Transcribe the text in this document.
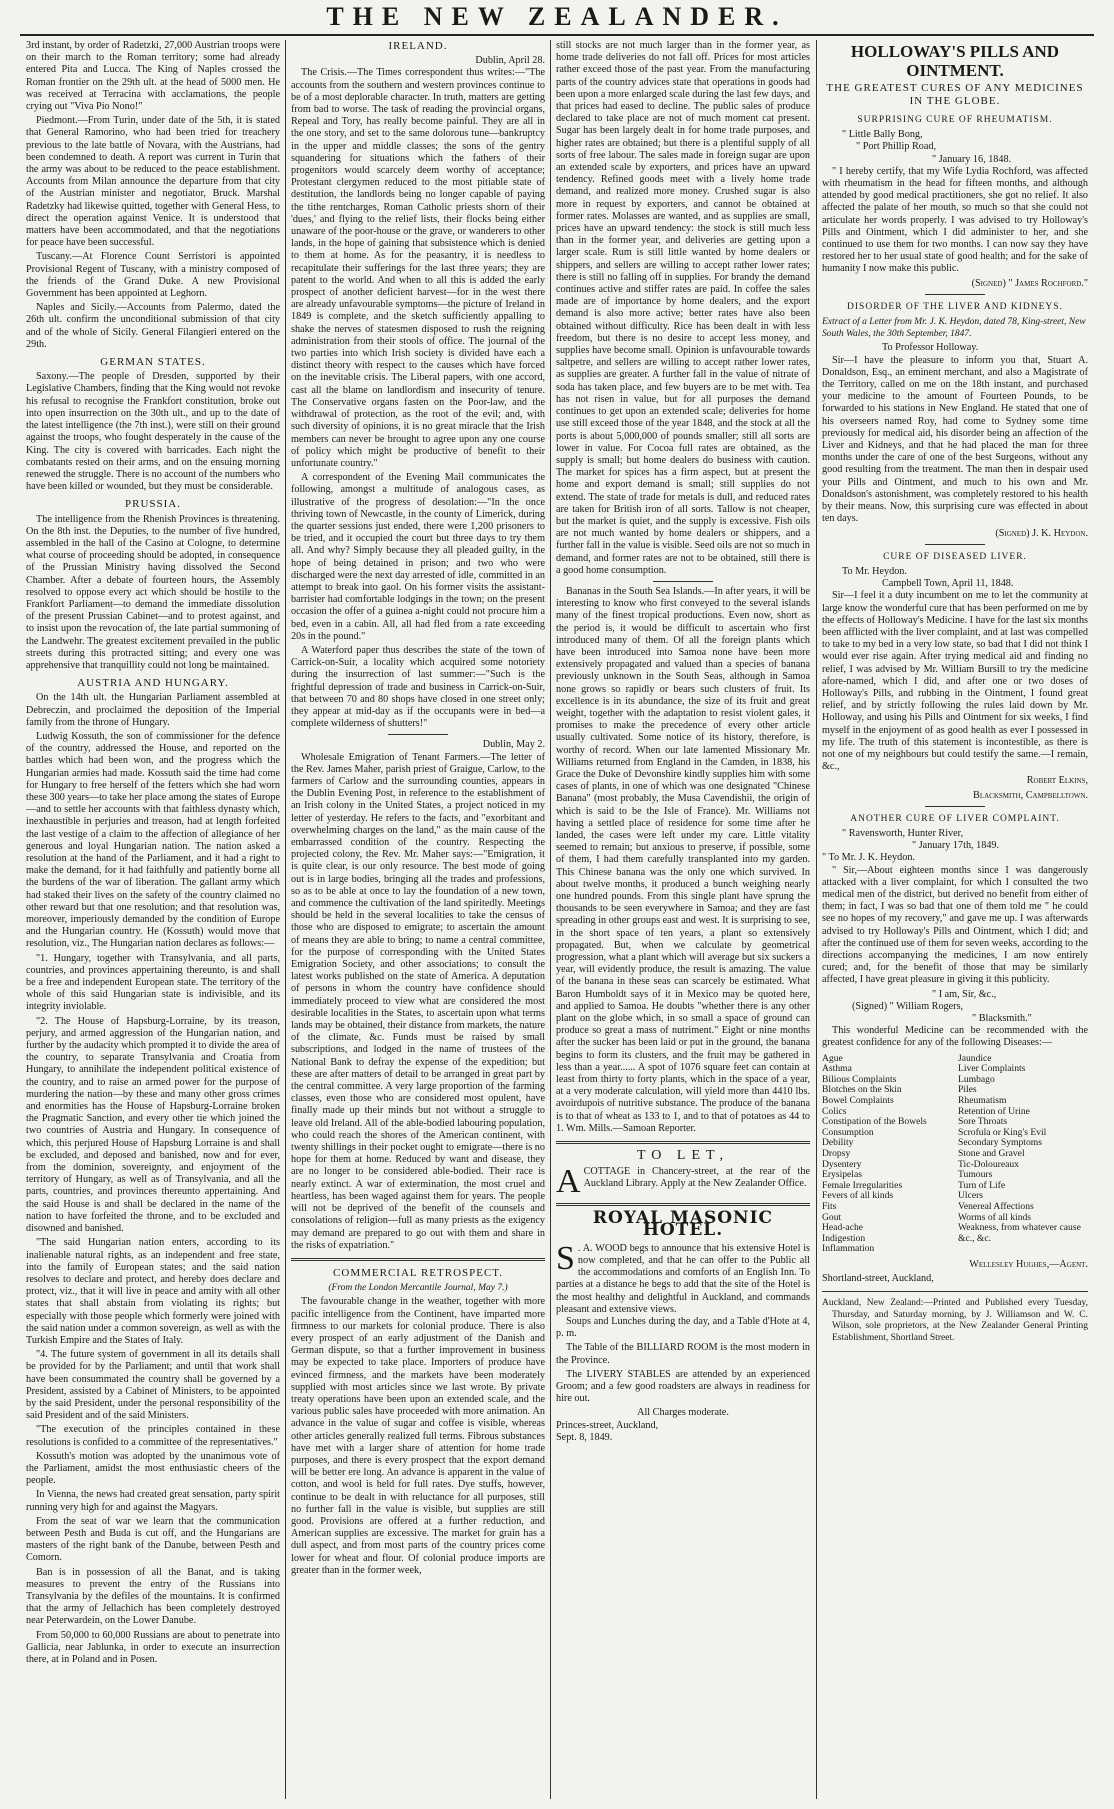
THE NEW ZEALANDER.

3rd instant, by order of Radetzki, 27,000 Austrian troops were on their march to the Roman territory; some had already entered Pita and Lucca. The King of Naples crossed the Roman frontier on the 29th ult. at the head of 5000 men. He was received at Terracina with acclamations, the people crying out "Viva Pio Nono!"

Piedmont.—From Turin, under date of the 5th, it is stated that General Ramorino, who had been tried for treachery previous to the late battle of Novara, with the Austrians, had been condemned to death. A report was current in Turin that the army was about to be reduced to the peace establishment. Accounts from Milan announce the departure from that city of the Austrian minister and negotiator, Bruck. Marshal Radetzky had likewise quitted, together with General Hess, to direct the operation against Venice. It is understood that matters have been accommodated, and that the negotiations for peace have been successful.

Tuscany.—At Florence Count Serristori is appointed Provisional Regent of Tuscany, with a ministry composed of the friends of the Grand Duke. A new Provisional Government has been appointed at Leghorn.

Naples and Sicily.—Accounts from Palermo, dated the 26th ult. confirm the unconditional submission of that city and of the whole of Sicily. General Filangieri entered on the 29th.

GERMAN STATES.

Saxony.—The people of Dresden, supported by their Legislative Chambers, finding that the King would not revoke his refusal to recognise the Frankfort constitution, broke out into open insurrection on the 30th ult., and up to the date of the latest intelligence (the 7th inst.), were still on their ground against the troops, who fought desperately in the cause of the King. The city is covered with barricades. Each night the combatants rested on their arms, and on the ensuing morning renewed the struggle. There is no account of the numbers who have been killed or wounded, but they must be considerable.

PRUSSIA.

The intelligence from the Rhenish Provinces is threatening. On the 8th inst. the Deputies, to the number of five hundred, assembled in the hall of the Casino at Cologne, to determine what course of proceeding should be adopted, in consequence of the Prussian Ministry having dissolved the Second Chamber. After a debate of fourteen hours, the Assembly resolved to oppose every act which should be hostile to the Frankfort Parliament—to demand the immediate dissolution of the present Prussian Cabinet—and to protest against, and to insist upon the revocation of, the late partial summoning of the Landwehr. The greatest excitement prevailed in the public streets during this protracted sitting; and every one was apprehensive that tranquillity could not long be maintained.

AUSTRIA AND HUNGARY.

On the 14th ult. the Hungarian Parliament assembled at Debreczin, and proclaimed the deposition of the Imperial family from the throne of Hungary.

Ludwig Kossuth, the son of commissioner for the defence of the country, addressed the House, and reported on the battles which had been won, and the progress which the Hungarian armies had made. Kossuth said the time had come for Hungary to free herself of the fetters which she had worn these 300 years—to take her place among the states of Europe—and to settle her accounts with that faithless dynasty which, inexhaustible in perjuries and treason, had at length forfeited the last vestige of a claim to the affection of allegiance of her generous and loyal Hungarian nation. The nation asked a resolution at the hand of the Parliament, and it had a right to make the demand, for it had faithfully and patiently borne all the burdens of the war of liberation. The gallant army which had staked their lives on the safety of the country claimed no other reward but that one resolution; and that resolution was, moreover, imperiously demanded by the condition of Europe and the Hungarian country. He (Kossuth) would move that resolution, viz., The Hungarian nation declares as follows:—

"1. Hungary, together with Transylvania, and all parts, countries, and provinces appertaining thereunto, is and shall be a free and independent European state. The territory of the whole of this said Hungarian state is indivisible, and its integrity inviolable.

"2. The House of Hapsburg-Lorraine, by its treason, perjury, and armed aggression of the Hungarian nation, and further by the audacity which prompted it to divide the area of the country, to separate Transylvania and Croatia from Hungary, to annihilate the independent political existence of the country, and to raise an armed power for the purpose of murdering the nation—by these and many other gross crimes and enormities has the House of Hapsburg-Lorraine broken the Pragmatic Sanction, and every other tie which joined the two countries of Austria and Hungary. In consequence of which, this perjured House of Hapsburg Lorraine is and shall be excluded, and deposed and banished, now and for ever, from the dominion, sovereignty, and enjoyment of the territory of Hungary, as well as of Transylvania, and all the parts, countries, and provinces thereunto appertaining. And the said House is and shall be declared in the name of the nation to have forfeited the throne, and to be excluded and disowned and banished.

"The said Hungarian nation enters, according to its inalienable natural rights, as an independent and free state, into the family of European states; and the said nation resolves to declare and protect, and hereby does declare and protect, viz., that it will live in peace and amity with all other states that shall abstain from violating its rights; but especially with those people which formerly were joined with the said nation under a common sovereign, as well as with the Turkish Empire and the States of Italy.

"4. The future system of government in all its details shall be provided for by the Parliament; and until that work shall have been consummated the country shall be governed by a President, assisted by a Cabinet of Ministers, to be appointed by the said President, under the personal responsibility of the said President and of the said Ministers.

"The execution of the principles contained in these resolutions is confided to a committee of the representatives."

Kossuth's motion was adopted by the unanimous vote of the Parliament, amidst the most enthusiastic cheers of the people.

In Vienna, the news had created great sensation, party spirit running very high for and against the Magyars.

From the seat of war we learn that the communication between Pesth and Buda is cut off, and the Hungarians are masters of the right bank of the Danube, between Pesth and Comorn.

Ban is in possession of all the Banat, and is taking measures to prevent the entry of the Russians into Transylvania by the defiles of the mountains. It is confirmed that the army of Jellachich has been completely destroyed near Peterwardein, on the Lower Danube.

From 50,000 to 60,000 Russians are about to penetrate into Gallicia, near Jablunka, in order to execute an insurrection there, at in Poland and in Posen.

IRELAND.
Dublin, April 28.

The Crisis.—The Times correspondent thus writes:—"The accounts from the southern and western provinces continue to be of a most deplorable character. In truth, matters are getting from bad to worse. The task of reading the provincial organs, Repeal and Tory, has really become painful. They are all in the one story, and set to the same dolorous tune—bankruptcy in the upper and middle classes; the sons of the gentry squandering for situations which the fathers of their progenitors would scarcely deem worthy of acceptance; Protestant clergymen reduced to the most pitiable state of destitution, the landlords being no longer capable of paying the tithe rentcharges, Roman Catholic priests shorn of their 'dues,' and flying to the relief lists, their flocks being either unaware of the poor-house or the grave, or wanderers to other lands, in the hope of gaining that subsistence which is denied to them at home. As for the peasantry, it is needless to recapitulate their sufferings for the last three years; they are patent to the world. And when to all this is added the early prospect of another deficient harvest—for in the west there are already unfavourable symptoms—the picture of Ireland in 1849 is complete, and the sketch sufficiently appalling to shake the nerves of statesmen disposed to rush the reigning administration from their stools of office. The journal of the two parties into which Irish society is divided have each a distinct theory with respect to the causes which have forced on the inevitable crisis. The Liberal papers, with one accord, cast all the blame on landlordism and insecurity of tenure. The Conservative organs fasten on the Poor-law, and the withdrawal of protection, as the root of the evil; and, with such diversity of opinions, it is no great miracle that the Irish members can never be brought to agree upon any one course of policy which might be productive of benefit to their unfortunate country."

A correspondent of the Evening Mail communicates the following, amongst a multitude of analogous cases, as illustrative of the progress of desolation:—"In the once thriving town of Newcastle, in the county of Limerick, during the quarter sessions just ended, there were 1,200 prisoners to be tried, and it occupied the court but three days to try them all. And why? Simply because they all pleaded guilty, in the hope of being detained in prison; and two who were discharged were the next day arrested of idle, committed in an attempt to break into gaol. On his former visits the assistant-barrister had comfortable lodgings in the town; on the present occasion the offer of a guinea a-night could not procure him a bed, even in a cabin. All, all had fled from a rate exceeding 20s in the pound."

A Waterford paper thus describes the state of the town of Carrick-on-Suir, a locality which acquired some notoriety during the insurrection of last summer:—"Such is the frightful depression of trade and business in Carrick-on-Suir, that between 70 and 80 shops have closed in one street only; they appear at mid-day as if the occupants were in bed—a complete wilderness of shutters!"

Dublin, May 2.

Wholesale Emigration of Tenant Farmers.—The letter of the Rev. James Maher, parish priest of Graigue, Carlow, to the farmers of Carlow and the surrounding counties, appears in the Dublin Evening Post, in reference to the establishment of an Irish colony in the United States, a project noticed in my letter of yesterday. He refers to the facts, and "exorbitant and overwhelming charges on the land," as the main cause of the embarrassed condition of the country. Respecting the projected colony, the Rev. Mr. Maher says:—"Emigration, it is quite clear, is our only resource. The best mode of going out is in large bodies, bringing all the trades and professions, so as to be able at once to lay the foundation of a new town, and commence the cultivation of the land spiritedly. Meetings should be held in the several localities to take the census of those who are disposed to emigrate; to ascertain the amount of means they are able to bring; to name a central committee, for the purpose of corresponding with the United States Emigration Society, and other associations; to consult the latest works published on the state of America. A deputation of persons in whom the country have confidence should immediately proceed to view what are considered the most desirable localities in the States, to ascertain upon what terms lands may be obtained, their distance from markets, the nature of the climate, &c. Funds must be raised by small subscriptions, and lodged in the name of trustees of the National Bank to defray the expense of the expedition; but these are after matters of detail to be arranged in great part by the central committee. A very large proportion of the farming classes, even those who are considered most opulent, have finally made up their minds but not without a struggle to leave old Ireland. All of the able-bodied labouring population, who could reach the shores of the American continent, with twenty shillings in their pocket ought to emigrate—there is no hope for them at home. Reduced by want and disease, they are no longer to be considered able-bodied. Their race is nearly extinct. A war of extermination, the most cruel and heartless, has been waged against them for years. The people will not be deprived of the benefit of the counsels and consolations of religion—full as many priests as the exigency may demand are prepared to go out with them and share in the risks of expatriation."

COMMERCIAL RETROSPECT.
(From the London Mercantile Journal, May 7.)

The favourable change in the weather, together with more pacific intelligence from the Continent, have imparted more firmness to our markets for colonial produce. There is also every prospect of an early adjustment of the Danish and German dispute, so that a further improvement in business may be expected to take place. Importers of produce have evinced firmness, and the markets have been moderately supplied with most articles since we last wrote. By private treaty operations have been upon an extended scale, and the various public sales have proceeded with more animation. An advance in the value of sugar and coffee is visible, whereas other articles generally realized full terms. Fibrous substances have met with a larger share of attention for home trade purposes, and there is every prospect that the export demand will be better ere long. An advance is apparent in the value of cotton, and wool is held for full rates. Dye stuffs, however, continue to be dealt in with reluctance for all purposes, still no further fall in the value is visible, but supplies are still good. Provisions are offered at a further reduction, and American supplies are excessive. The market for grain has a dull aspect, and from most parts of the country prices come lower for wheat and flour. Of colonial produce imports are greater than in the former week,

still stocks are not much larger than in the former year, as home trade deliveries do not fall off. Prices for most articles rather exceed those of the past year. From the manufacturing parts of the country advices state that operations in goods had been upon a more enlarged scale during the last few days, and that prices had eased to decline. The public sales of produce declared to take place are not of much moment cat present. Sugar has been largely dealt in for home trade purposes, and higher rates are obtained; but there is a plentiful supply of all sorts of free labour. The sales made in foreign sugar are upon an extended scale by exporters, and prices have an upward tendency. Refined goods meet with a lively home trade demand, and realized more money. Crushed sugar is also more in request by exporters, and cannot be obtained at former rates. Molasses are wanted, and as supplies are small, prices have an upward tendency: the stock is still much less than in the former year, and deliveries are getting upon a larger scale. Rum is still little wanted by home dealers or shippers, and sellers are willing to accept rather lower rates; there is still no falling off in supplies. For brandy the demand continues active and stiffer rates are paid. In coffee the sales made are of importance by home dealers, and the export demand is also more active; better rates have also been obtained without difficulty. Rice has been dealt in with less freedom, but there is no desire to accept less money, and supplies have become small. Opinion is unfavourable towards saltpetre, and sellers are willing to accept rather lower rates, as supplies are greater. A further fall in the value of nitrate of soda has taken place, and few buyers are to be met with. Tea has not risen in value, but for all purposes the demand continues to get upon an extended scale; deliveries for home use still exceed those of the year 1848, and the stock at all the ports is about 5,000,000 of pounds smaller; still all sorts are lower in value. For Cocoa full rates are obtained, as the supply is small; but home dealers do business with caution. The market for spices has a firm aspect, but at present the home and export demand is small; still supplies do not extend. The state of trade for metals is dull, and reduced rates are taken for British iron of all sorts. Tallow is not cheaper, but the market is quiet, and the supply is excessive. Fish oils are not much wanted by home dealers or shippers, and a further fall in the value is visible. Seed oils are not so much in demand, and former rates are not to be obtained, still there is a good home consumption.

Bananas in the South Sea Islands.—In after years, it will be interesting to know who first conveyed to the several islands many of the finest tropical productions. Even now, short as the period is, it would be difficult to ascertain who first introduced many of them. Of all the foreign plants which have been introduced into Samoa none have been more extensively propagated and valued than a species of banana previously unknown in the South Seas, although in Samoa none grows so rapidly or bears such clusters of fruit. Its excellence is in its abundance, the size of its fruit and great weight, together with the adaptation to resist violent gales, it promises to make the precedence of every other article usually cultivated. Some notice of its history, therefore, is worthy of record. When our late lamented Missionary Mr. Williams returned from England in the Camden, in 1838, his Grace the Duke of Devonshire kindly supplies him with some cases of plants, in one of which was one designated "Chinese Banana" (most probably, the Musa Cavendishii, the origin of which is said to be the Isle of France). Mr. Williams not having a settled place of residence for some time after he landed, the cases were left under my care. Little vitality seemed to remain; but anxious to preserve, if possible, some of them, I had them carefully transplanted into my garden. This Chinese banana was the only one which survived. In about twelve months, it produced a bunch weighing nearly one hundred pounds. From this single plant have sprung the thousands to be seen everywhere in Samoa; and they are fast spreading in other groups east and west. It is surprising to see, in the short space of ten years, a plant so extensively propagated. But, when we calculate by geometrical progression, what a plant which will average but six suckers a year, will evidently produce, the result is amazing. The value of the banana in these seas can scarcely be estimated. What Baron Humboldt says of it in Mexico may be quoted here, and applied to Samoa. He doubts "whether there is any other plant on the globe which, in so small a space of ground can produce so great a mass of nutriment." Eight or nine months after the sucker has been laid or put in the ground, the banana begins to form its clusters, and the fruit may be gathered in less than a year...... A spot of 1076 square feet can contain at least from thirty to forty plants, which in the space of a year, at a very moderate calculation, will yield more than 4410 lbs. avoirdupois of nutritive substance. The produce of the banana is to that of wheat as 133 to 1, and to that of potatoes as 44 to 1. Wm. Mills.—Samoan Reporter.

TO LET,
A COTTAGE in Chancery-street, at the rear of the Auckland Library. Apply at the New Zealander Office.
ROYAL MASONIC HOTEL.
S . A. WOOD begs to announce that his extensive Hotel is now completed, and that he can offer to the Public all the accommodations and comforts of an English Inn. To parties at a distance he begs to add that the site of the Hotel is the most healthy and delightful in Auckland, and commands pleasant and extensive views.

Soups and Lunches during the day, and a Table d'Hote at 4, p. m.

The Table of the BILLIARD ROOM is the most modern in the Province.

The LIVERY STABLES are attended by an experienced Groom; and a few good roadsters are always in readiness for hire out.

All Charges moderate.
Princes-street, Auckland,
Sept. 8, 1849.
HOLLOWAY'S PILLS AND OINTMENT.
THE GREATEST CURES OF ANY MEDICINES IN THE GLOBE.
SURPRISING CURE OF RHEUMATISM.
" Little Bally Bong,
" Port Phillip Road,
" January 16, 1848.

" I hereby certify, that my Wife Lydia Rochford, was affected with rheumatism in the head for fifteen months, and although attended by good medical practitioners, she got no relief. It also affected the palate of her mouth, so much so that she could not articulate her words properly. I was advised to try Holloway's Pills and Ointment, which I did administer to her, and she continued to use them for two months. I can now say they have restored her to her usual state of good health; and for the sake of humanity I now make this public.

(Signed) " James Rochford."
DISORDER OF THE LIVER AND KIDNEYS.
Extract of a Letter from Mr. J. K. Heydon, dated 78, King-street, New South Wales, the 30th September, 1847.
To Professor Holloway.

Sir—I have the pleasure to inform you that, Stuart A. Donaldson, Esq., an eminent merchant, and also a Magistrate of the Territory, called on me on the 18th instant, and purchased your medicine to the amount of Fourteen Pounds, to be forwarded to his stations in New England. He stated that one of his overseers named Roy, had come to Sydney some time previously for medical aid, his disorder being an affection of the Liver and Kidneys, and that he had placed the man for three months under the care of one of the best Surgeons, without any good resulting from the treatment. The man then in despair used your Pills and Ointment, and much to his own and Mr. Donaldson's astonishment, was completely restored to his health by their means. Now, this surprising cure was effected in about ten days.

(Signed) J. K. Heydon.
CURE OF DISEASED LIVER.
To Mr. Heydon.
Campbell Town, April 11, 1848.

Sir—I feel it a duty incumbent on me to let the community at large know the wonderful cure that has been performed on me by the effects of Holloway's Medicine. I have for the last six months been afflicted with the liver complaint, and at last was compelled to take to my bed in a very low state, so bad that I did not think I would ever rise again. After trying medical aid and finding no relief, I was advised by Mr. William Bursill to try the medicine afore-named, which I did, and after one or two doses of Holloway's Pills, and rubbing in the Ointment, I found great relief, and by strictly following the rules laid down by Mr. Holloway, and using his Pills and Ointment for six weeks, I find myself in the enjoyment of as good health as ever I possessed in my life. The truth of this statement is incontestible, as there is not one of my neighbours but could testify the same.—I remain, &c.,

Robert Elkins,
Blacksmith, Campbelltown.
ANOTHER CURE OF LIVER COMPLAINT.
" Ravensworth, Hunter River,
" January 17th, 1849.
" To Mr. J. K. Heydon.

" Sir,—About eighteen months since I was dangerously attacked with a liver complaint, for which I consulted the two medical men of the district, but derived no benefit from either of them; in fact, I was so bad that one of them told me " he could see no hopes of my recovery," and gave me up. I was afterwards advised to try Holloway's Pills and Ointment, which I did; and after the continued use of them for seven weeks, according to the directions accompanying the medicines, I am now entirely cured; and, for the benefit of those that may be similarly affected, I have great pleasure in giving it this publicity.

" I am, Sir, &c.,
(Signed) " William Rogers,
" Blacksmith."

This wonderful Medicine can be recommended with the greatest confidence for any of the following Diseases:—

Ague
Asthma
Bilious Complaints
Blotches on the Skin
Bowel Complaints
Colics
Constipation of the Bowels
Consumption
Debility
Dropsy
Dysentery
Erysipelas
Female Irregularities
Fevers of all kinds
Fits
Gout
Head-ache
Indigestion
Inflammation
Jaundice
Liver Complaints
Lumbago
Piles
Rheumatism
Retention of Urine
Sore Throats
Scrofula or King's Evil
Secondary Symptoms
Stone and Gravel
Tic-Doloureaux
Tumours
Turn of Life
Ulcers
Venereal Affections
Worms of all kinds
Weakness, from whatever cause
&c., &c.
Wellesley Hughes,—Agent.
Shortland-street, Auckland,
Auckland, New Zealand:—Printed and Published every Tuesday, Thursday, and Saturday morning, by J. Williamson and W. C. Wilson, sole proprietors, at the New Zealander General Printing Establishment, Shortland Street.
